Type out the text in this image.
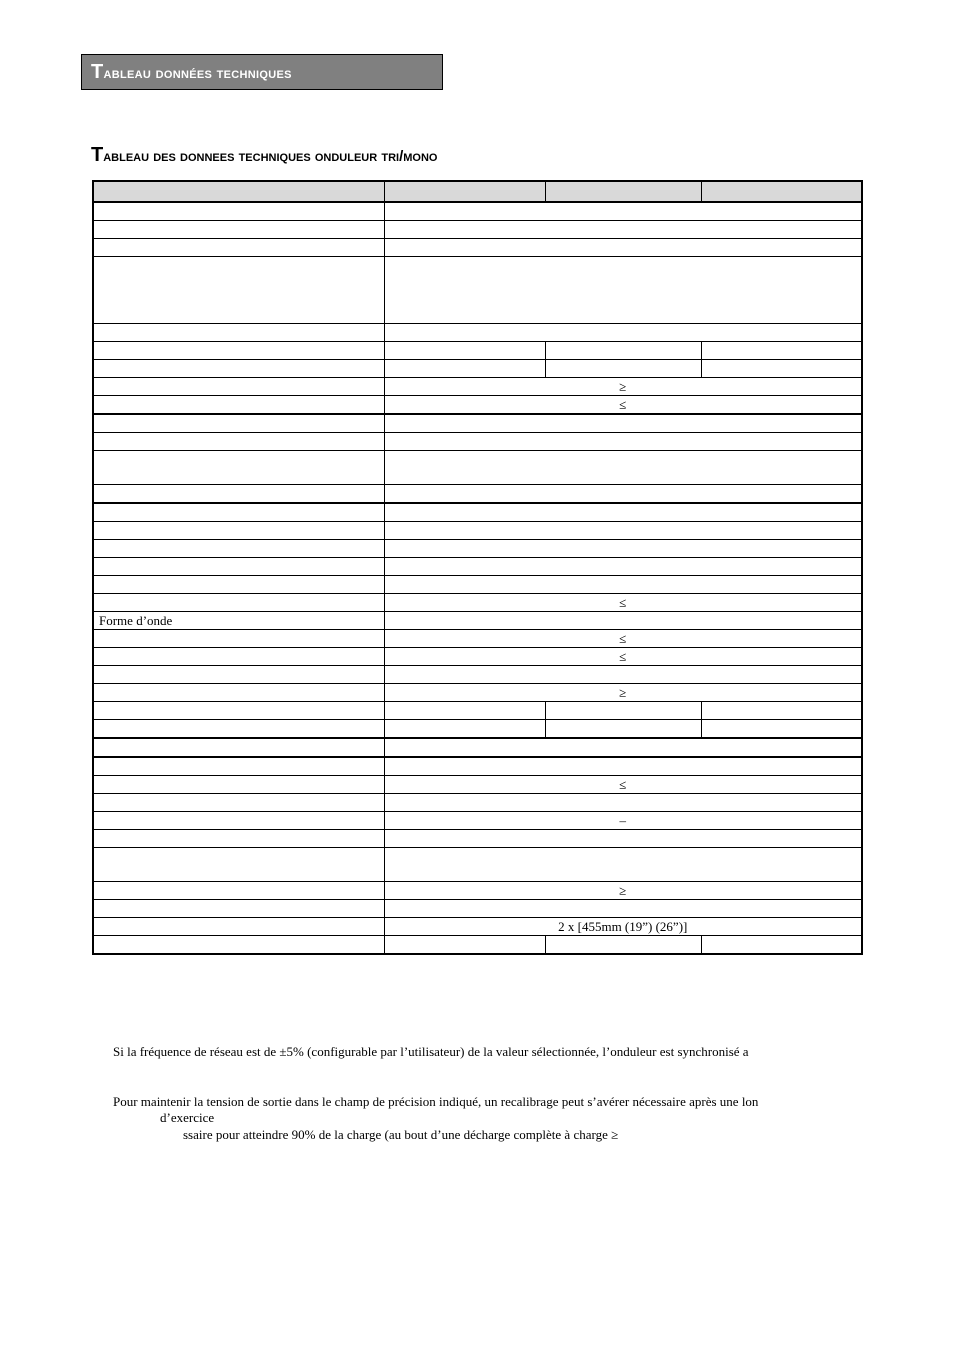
Tableau données techniques
Tableau des donnees techniques onduleur tri/mono

	≥		
	≤		

	≤		
Forme d’onde			
	≤		
	≤		

	≥		

	≤		

	–		

	≥		

	2 x [455mm (19”) (26”)]		

Si la fréquence de réseau est de ±5% (configurable par l’utilisateur) de la valeur sélectionnée, l’onduleur est synchronisé a
Pour maintenir la tension de sortie dans le champ de précision indiqué, un recalibrage peut s’avérer nécessaire après une lon
d’exercice
ssaire pour atteindre 90% de la charge (au bout d’une décharge complète à charge ≥
